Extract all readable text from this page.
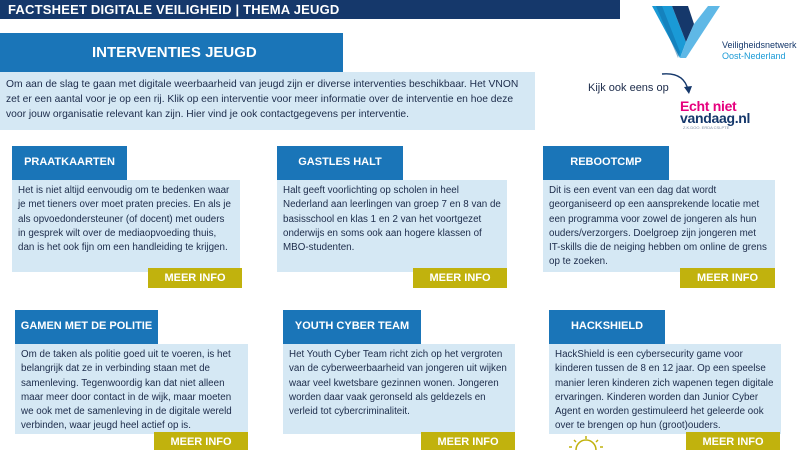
FACTSHEET DIGITALE VEILIGHEID | THEMA JEUGD
Veiligheidsnetwerk
Oost-Nederland
INTERVENTIES JEUGD
Om aan de slag te gaan met digitale weerbaarheid van jeugd zijn er diverse interventies beschikbaar. Het VNON zet er een aantal voor je op een rij. Klik op een interventie voor meer informatie over de interventie en hoe deze voor jouw organisatie relevant kan zijn. Hier vind je ook contactgegevens per interventie.
Kijk ook eens op
Echt niet
vandaag.nl
Z.K.DOO. ERDA CSLPTE
PRAATKAARTEN
Het is niet altijd eenvoudig om te bedenken waar je met tieners over moet praten precies. En als je als opvoedondersteuner (of docent) met ouders in gesprek wilt over de mediaopvoeding thuis, dan is het ook fijn om een handleiding te krijgen.
MEER INFO
GASTLES HALT
Halt geeft voorlichting op scholen in heel Nederland aan leerlingen van groep 7 en 8 van de basisschool en klas 1 en 2 van het voortgezet onderwijs en soms ook aan hogere klassen of MBO-studenten.
MEER INFO
REBOOTCMP
Dit is een event van een dag dat wordt georganiseerd op een aansprekende locatie met een programma voor zowel de jongeren als hun ouders/verzorgers. Doelgroep zijn jongeren met IT-skills die de neiging hebben om online de grens op te zoeken.
MEER INFO
GAMEN MET DE POLITIE
Om de taken als politie goed uit te voeren, is het belangrijk dat ze in verbinding staan met de samenleving. Tegenwoordig kan dat niet alleen maar meer door contact in de wijk, maar moeten we ook met de samenleving in de digitale wereld verbinden, waar jeugd heel actief op is.
MEER INFO
YOUTH CYBER TEAM
Het Youth Cyber Team richt zich op het vergroten van de cyberweerbaarheid van jongeren uit wijken waar veel kwetsbare gezinnen wonen. Jongeren worden daar vaak geronseld als geldezels en verleid tot cybercriminaliteit.
MEER INFO
HACKSHIELD
HackShield is een cybersecurity game voor kinderen tussen de 8 en 12 jaar. Op een speelse manier leren kinderen zich wapenen tegen digitale ervaringen. Kinderen worden dan Junior Cyber Agent en worden gestimuleerd het geleerde ook over te brengen op hun (groot)ouders.
MEER INFO
